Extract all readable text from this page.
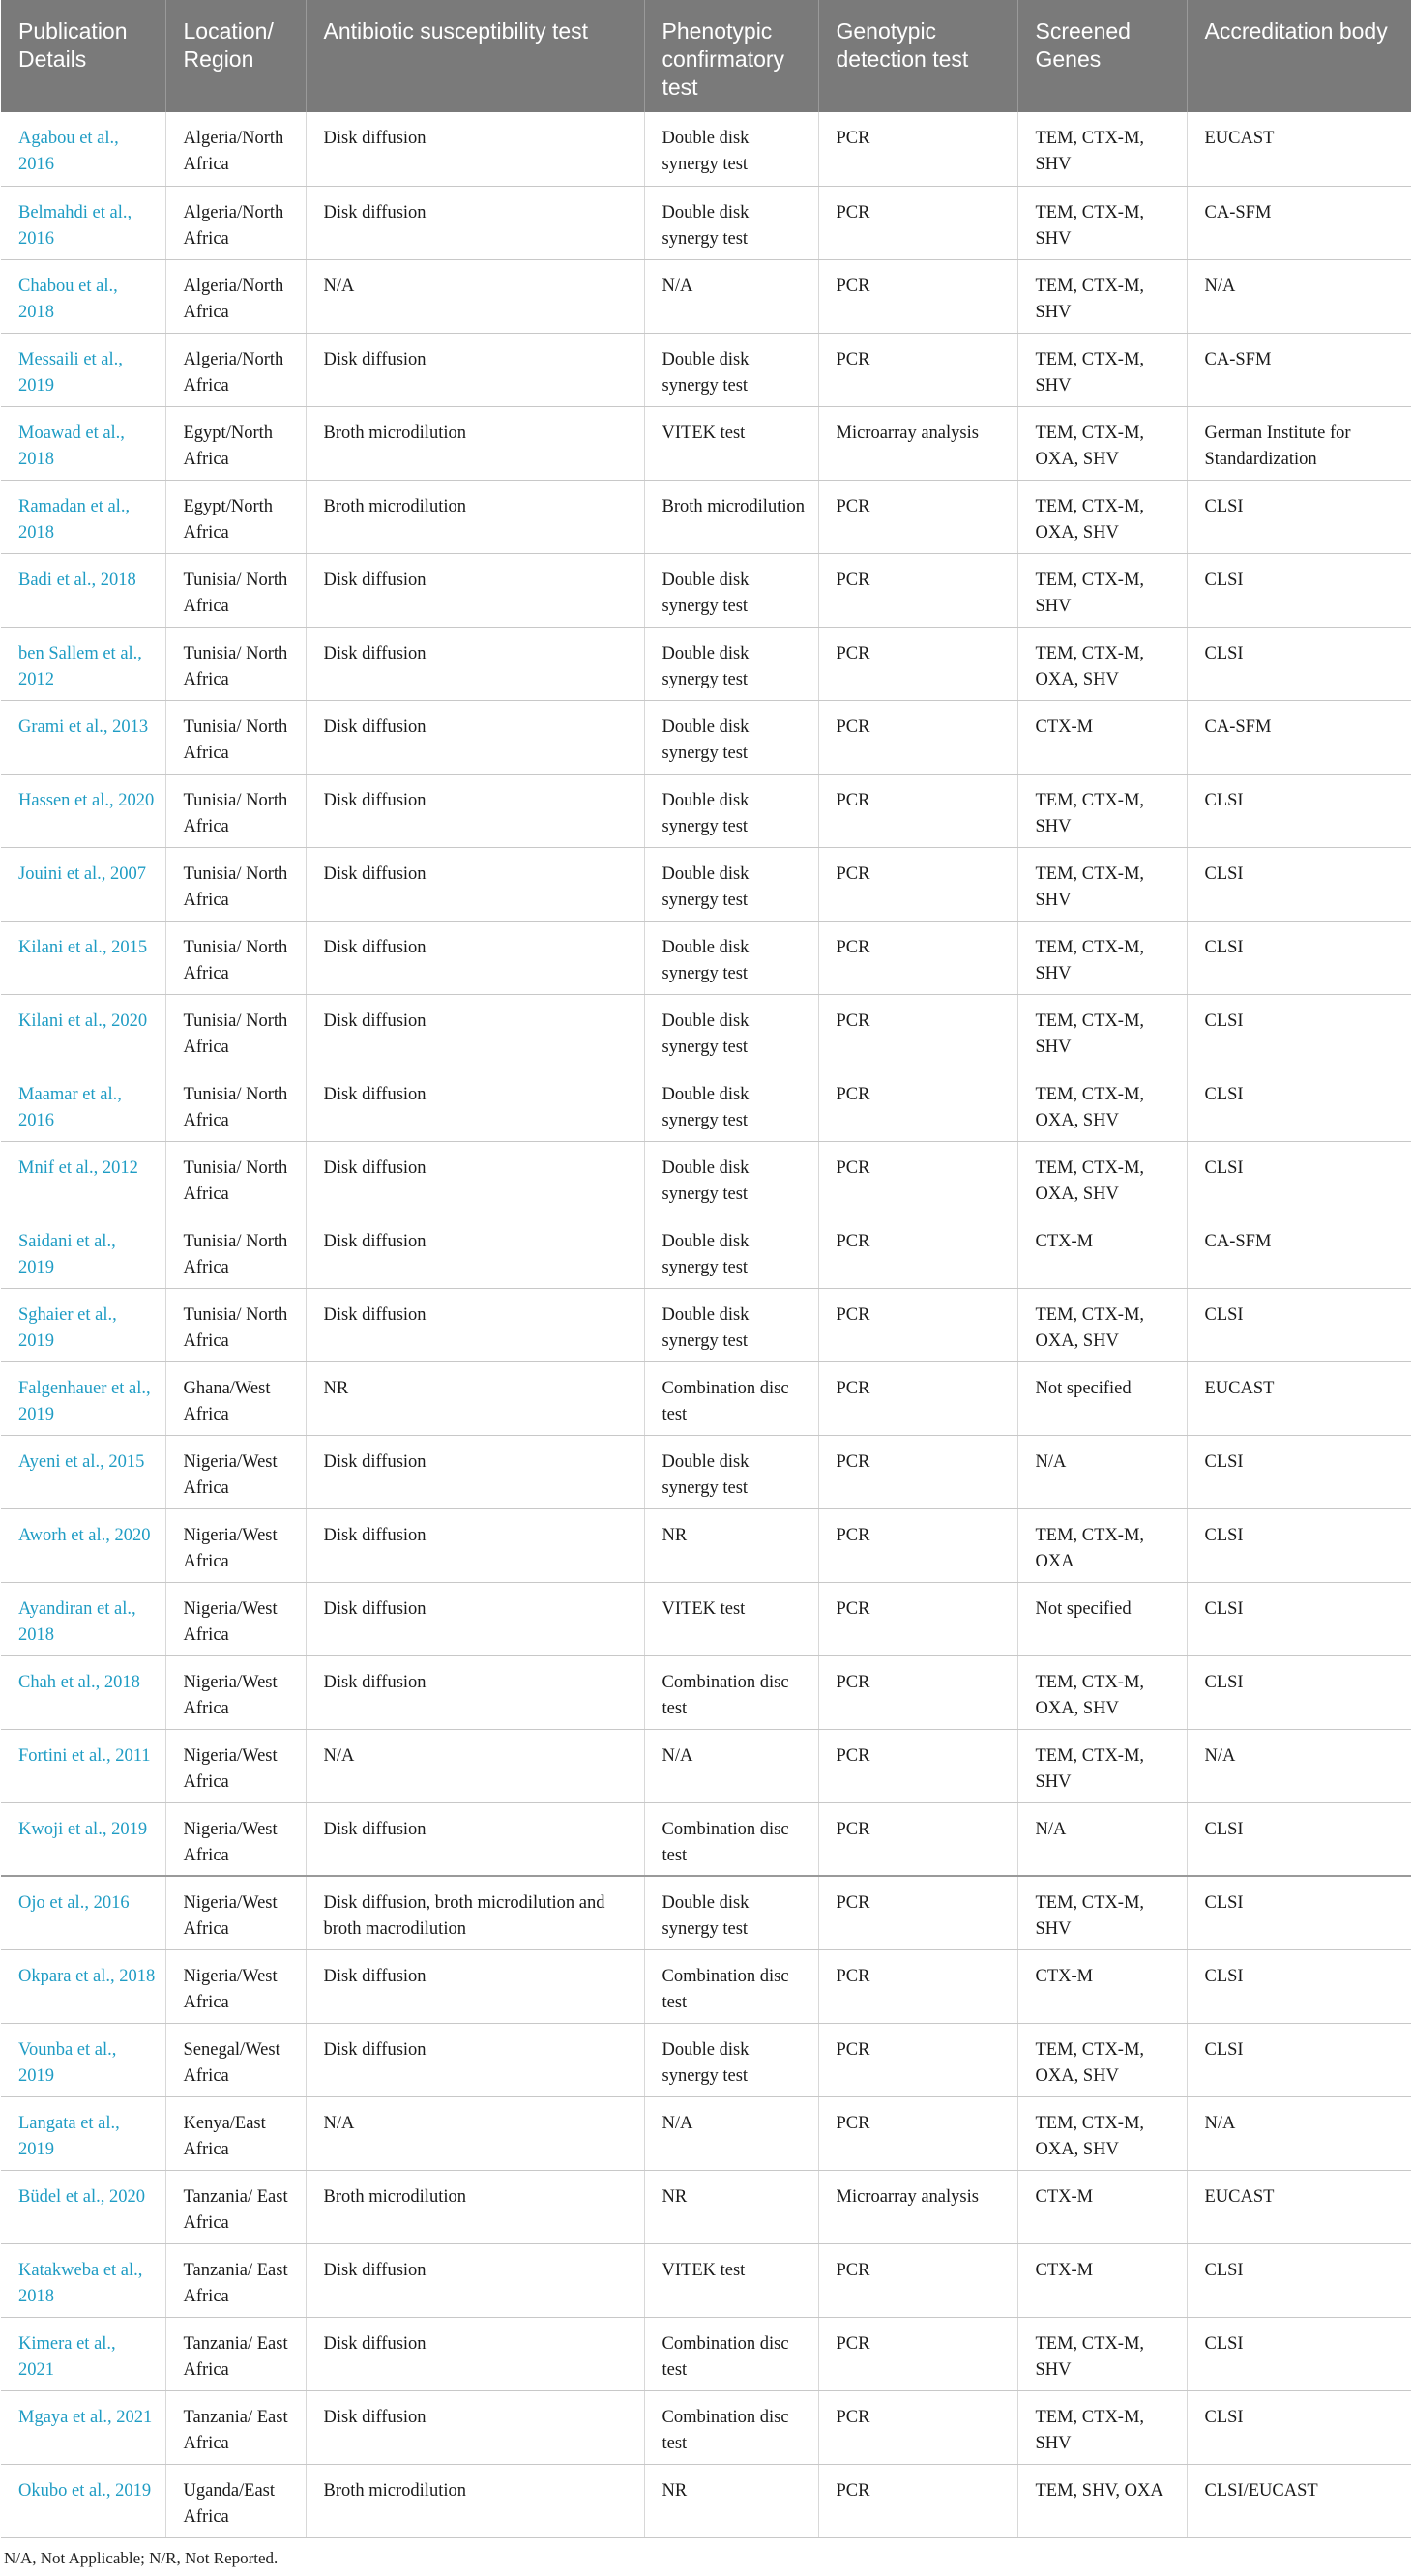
Publication Details	Location/ Region	Antibiotic susceptibility test	Phenotypic confirmatory test	Genotypic detection test	Screened Genes	Accreditation body
Agabou et al., 2016	Algeria/North Africa	Disk diffusion	Double disk synergy test	PCR	TEM, CTX-M, SHV	EUCAST
Belmahdi et al., 2016	Algeria/North Africa	Disk diffusion	Double disk synergy test	PCR	TEM, CTX-M, SHV	CA-SFM
Chabou et al., 2018	Algeria/North Africa	N/A	N/A	PCR	TEM, CTX-M, SHV	N/A
Messaili et al., 2019	Algeria/North Africa	Disk diffusion	Double disk synergy test	PCR	TEM, CTX-M, SHV	CA-SFM
Moawad et al., 2018	Egypt/North Africa	Broth microdilution	VITEK test	Microarray analysis	TEM, CTX-M, OXA, SHV	German Institute for Standardization
Ramadan et al., 2018	Egypt/North Africa	Broth microdilution	Broth microdilution	PCR	TEM, CTX-M, OXA, SHV	CLSI
Badi et al., 2018	Tunisia/ North Africa	Disk diffusion	Double disk synergy test	PCR	TEM, CTX-M, SHV	CLSI
ben Sallem et al., 2012	Tunisia/ North Africa	Disk diffusion	Double disk synergy test	PCR	TEM, CTX-M, OXA, SHV	CLSI
Grami et al., 2013	Tunisia/ North Africa	Disk diffusion	Double disk synergy test	PCR	CTX-M	CA-SFM
Hassen et al., 2020	Tunisia/ North Africa	Disk diffusion	Double disk synergy test	PCR	TEM, CTX-M, SHV	CLSI
Jouini et al., 2007	Tunisia/ North Africa	Disk diffusion	Double disk synergy test	PCR	TEM, CTX-M, SHV	CLSI
Kilani et al., 2015	Tunisia/ North Africa	Disk diffusion	Double disk synergy test	PCR	TEM, CTX-M, SHV	CLSI
Kilani et al., 2020	Tunisia/ North Africa	Disk diffusion	Double disk synergy test	PCR	TEM, CTX-M, SHV	CLSI
Maamar et al., 2016	Tunisia/ North Africa	Disk diffusion	Double disk synergy test	PCR	TEM, CTX-M, OXA, SHV	CLSI
Mnif et al., 2012	Tunisia/ North Africa	Disk diffusion	Double disk synergy test	PCR	TEM, CTX-M, OXA, SHV	CLSI
Saidani et al., 2019	Tunisia/ North Africa	Disk diffusion	Double disk synergy test	PCR	CTX-M	CA-SFM
Sghaier et al., 2019	Tunisia/ North Africa	Disk diffusion	Double disk synergy test	PCR	TEM, CTX-M, OXA, SHV	CLSI
Falgenhauer et al., 2019	Ghana/West Africa	NR	Combination disc test	PCR	Not specified	EUCAST
Ayeni et al., 2015	Nigeria/West Africa	Disk diffusion	Double disk synergy test	PCR	N/A	CLSI
Aworh et al., 2020	Nigeria/West Africa	Disk diffusion	NR	PCR	TEM, CTX-M, OXA	CLSI
Ayandiran et al., 2018	Nigeria/West Africa	Disk diffusion	VITEK test	PCR	Not specified	CLSI
Chah et al., 2018	Nigeria/West Africa	Disk diffusion	Combination disc test	PCR	TEM, CTX-M, OXA, SHV	CLSI
Fortini et al., 2011	Nigeria/West Africa	N/A	N/A	PCR	TEM, CTX-M, SHV	N/A
Kwoji et al., 2019	Nigeria/West Africa	Disk diffusion	Combination disc test	PCR	N/A	CLSI
Ojo et al., 2016	Nigeria/West Africa	Disk diffusion, broth microdilution and broth macrodilution	Double disk synergy test	PCR	TEM, CTX-M, SHV	CLSI
Okpara et al., 2018	Nigeria/West Africa	Disk diffusion	Combination disc test	PCR	CTX-M	CLSI
Vounba et al., 2019	Senegal/West Africa	Disk diffusion	Double disk synergy test	PCR	TEM, CTX-M, OXA, SHV	CLSI
Langata et al., 2019	Kenya/East Africa	N/A	N/A	PCR	TEM, CTX-M, OXA, SHV	N/A
Büdel et al., 2020	Tanzania/ East Africa	Broth microdilution	NR	Microarray analysis	CTX-M	EUCAST
Katakweba et al., 2018	Tanzania/ East Africa	Disk diffusion	VITEK test	PCR	CTX-M	CLSI
Kimera et al., 2021	Tanzania/ East Africa	Disk diffusion	Combination disc test	PCR	TEM, CTX-M, SHV	CLSI
Mgaya et al., 2021	Tanzania/ East Africa	Disk diffusion	Combination disc test	PCR	TEM, CTX-M, SHV	CLSI
Okubo et al., 2019	Uganda/East Africa	Broth microdilution	NR	PCR	TEM, SHV, OXA	CLSI/EUCAST
N/A, Not Applicable; N/R, Not Reported.
